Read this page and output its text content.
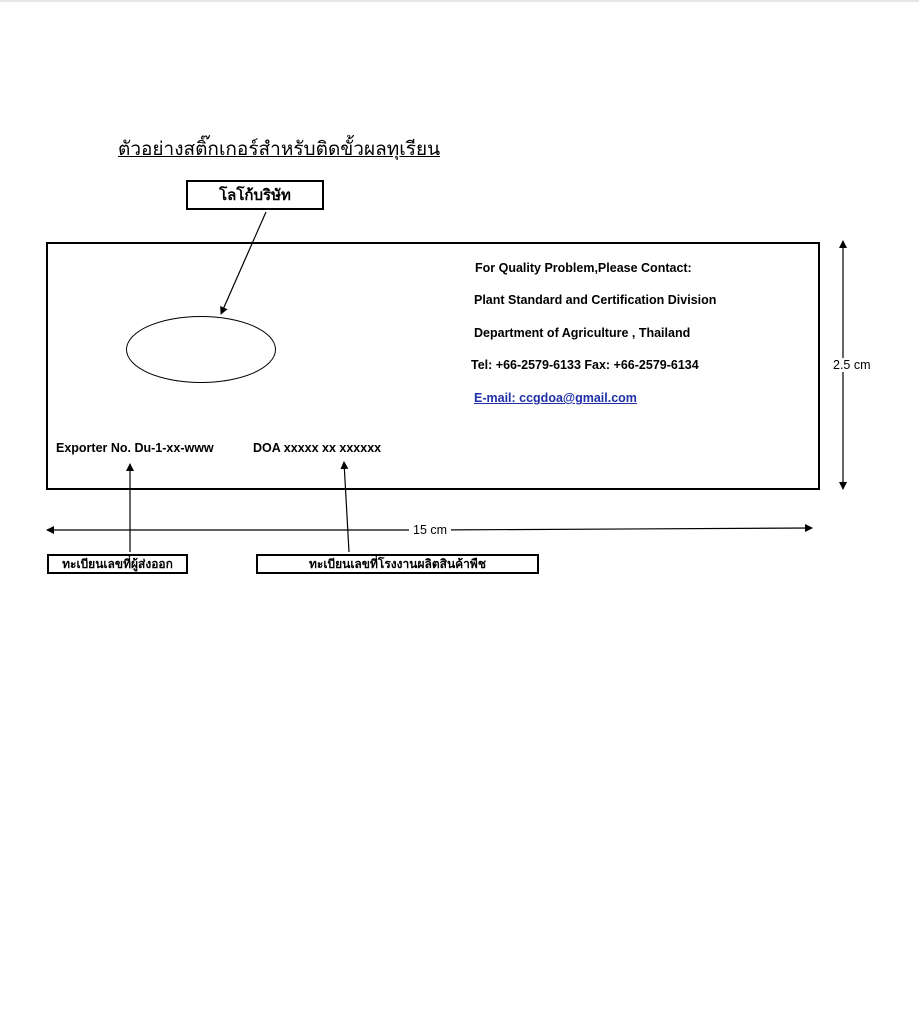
ตัวอย่างสติ๊กเกอร์สำหรับติดขั้วผลทุเรียน
โลโก้บริษัท
For Quality Problem,Please Contact:
Plant Standard and Certification Division
Department of Agriculture , Thailand
Tel: +66-2579-6133 Fax: +66-2579-6134
E-mail: ccgdoa@gmail.com
Exporter No. Du-1-xx-www	DOA xxxxx xx xxxxxx
2.5 cm
15 cm
ทะเบียนเลขที่ผู้ส่งออก	ทะเบียนเลขที่โรงงานผลิตสินค้าพืช
